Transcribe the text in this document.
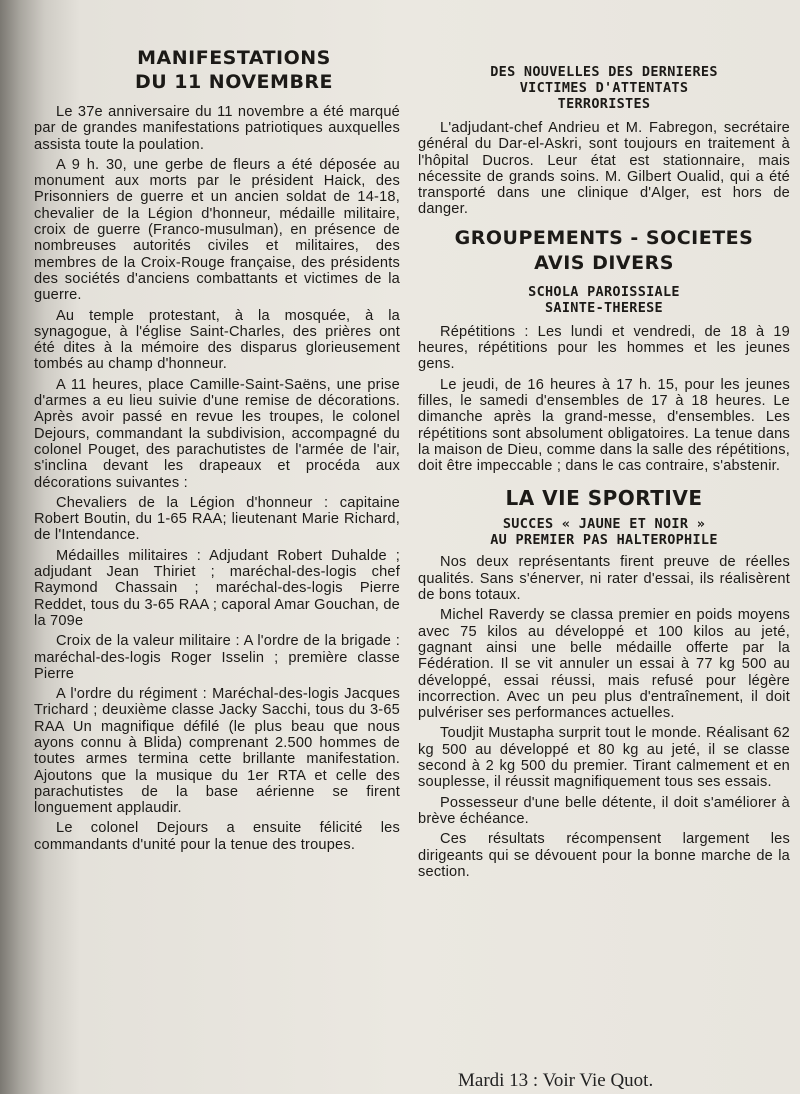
MANIFESTATIONS
DU 11 NOVEMBRE

Le 37e anniversaire du 11 novembre a été marqué par de grandes manifestations patriotiques auxquelles assista toute la poulation.

A 9 h. 30, une gerbe de fleurs a été déposée au monument aux morts par le président Haick, des Prisonniers de guerre et un ancien soldat de 14-18, chevalier de la Légion d'honneur, médaille militaire, croix de guerre (Franco-musulman), en présence de nombreuses autorités civiles et militaires, des membres de la Croix-Rouge française, des présidents des sociétés d'anciens combattants et victimes de la guerre.

Au temple protestant, à la mosquée, à la synagogue, à l'église Saint-Charles, des prières ont été dites à la mémoire des disparus glorieusement tombés au champ d'honneur.

A 11 heures, place Camille-Saint-Saëns, une prise d'armes a eu lieu suivie d'une remise de décorations. Après avoir passé en revue les troupes, le colonel Dejours, commandant la subdivision, accompagné du colonel Pouget, des parachutistes de l'armée de l'air, s'inclina devant les drapeaux et procéda aux décorations suivantes :

Chevaliers de la Légion d'honneur : capitaine Robert Boutin, du 1-65 RAA; lieutenant Marie Richard, de l'Intendance.

Médailles militaires : Adjudant Robert Duhalde ; adjudant Jean Thiriet ; maréchal-des-logis chef Raymond Chassain ; maréchal-des-logis Pierre Reddet, tous du 3-65 RAA ; caporal Amar Gouchan, de la 709e

Croix de la valeur militaire : A l'ordre de la brigade : maréchal-des-logis Roger Isselin ; première classe Pierre

A l'ordre du régiment : Maréchal-des-logis Jacques Trichard ; deuxième classe Jacky Sacchi, tous du 3-65 RAA Un magnifique défilé (le plus beau que nous ayons connu à Blida) comprenant 2.500 hommes de toutes armes termina cette brillante manifestation. Ajoutons que la musique du 1er RTA et celle des parachutistes de la base aérienne se firent longuement applaudir.

Le colonel Dejours a ensuite félicité les commandants d'unité pour la tenue des troupes.

DES NOUVELLES DES DERNIERES
VICTIMES D'ATTENTATS
TERRORISTES

L'adjudant-chef Andrieu et M. Fabregon, secrétaire général du Dar-el-Askri, sont toujours en traitement à l'hôpital Ducros. Leur état est stationnaire, mais nécessite de grands soins. M. Gilbert Oualid, qui a été transporté dans une clinique d'Alger, est hors de danger.

GROUPEMENTS - SOCIETES
AVIS DIVERS
SCHOLA PAROISSIALE
SAINTE-THERESE

Répétitions : Les lundi et vendredi, de 18 à 19 heures, répétitions pour les hommes et les jeunes gens.

Le jeudi, de 16 heures à 17 h. 15, pour les jeunes filles, le samedi d'ensembles de 17 à 18 heures. Le dimanche après la grand-messe, d'ensembles. Les répétitions sont absolument obligatoires. La tenue dans la maison de Dieu, comme dans la salle des répétitions, doit être impeccable ; dans le cas contraire, s'abstenir.

LA VIE SPORTIVE
SUCCES « JAUNE ET NOIR »
AU PREMIER PAS HALTEROPHILE

Nos deux représentants firent preuve de réelles qualités. Sans s'énerver, ni rater d'essai, ils réalisèrent de bons totaux.

Michel Raverdy se classa premier en poids moyens avec 75 kilos au développé et 100 kilos au jeté, gagnant ainsi une belle médaille offerte par la Fédération. Il se vit annuler un essai à 77 kg 500 au développé, essai réussi, mais refusé pour légère incorrection. Avec un peu plus d'entraînement, il doit pulvériser ses performances actuelles.

Toudjit Mustapha surprit tout le monde. Réalisant 62 kg 500 au développé et 80 kg au jeté, il se classe second à 2 kg 500 du premier. Tirant calmement et en souplesse, il réussit magnifiquement tous ses essais.

Possesseur d'une belle détente, il doit s'améliorer à brève échéance.

Ces résultats récompensent largement les dirigeants qui se dévouent pour la bonne marche de la section.

Mardi 13 : Voir Vie Quot.
